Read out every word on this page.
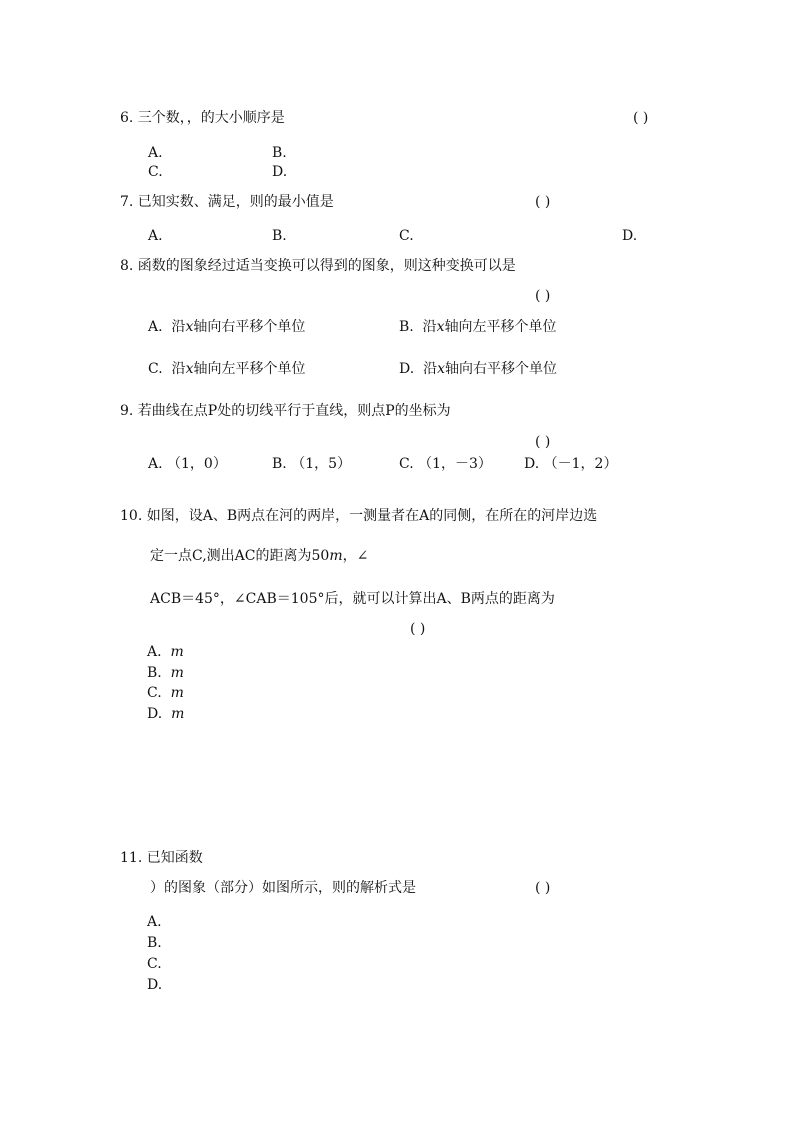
6. 三个数，，的大小顺序是	( )
A.	B.
C.	D.
7. 已知实数、满足，则的最小值是	( )
A.	B.	C.	D.
8. 函数的图象经过适当变换可以得到的图象，则这种变换可以是
( )
A. 沿x轴向右平移个单位	B. 沿x轴向左平移个单位
C. 沿x轴向左平移个单位	D. 沿x轴向右平移个单位
9. 若曲线在点P处的切线平行于直线，则点P的坐标为
( )
A. （1，0）	B. （1，5）	C. （1，－3） D. （－1，2）
10. 如图，设A、B两点在河的两岸，一测量者在A的同侧，在所在的河岸边选
定一点C,测出AC的距离为50m，∠
ACB＝45°，∠CAB＝105°后，就可以计算出A、B两点的距离为
( )
A. m
B. m
C. m
D. m
11. 已知函数
）的图象（部分）如图所示，则的解析式是	( )
A.
B.
C.
D.
